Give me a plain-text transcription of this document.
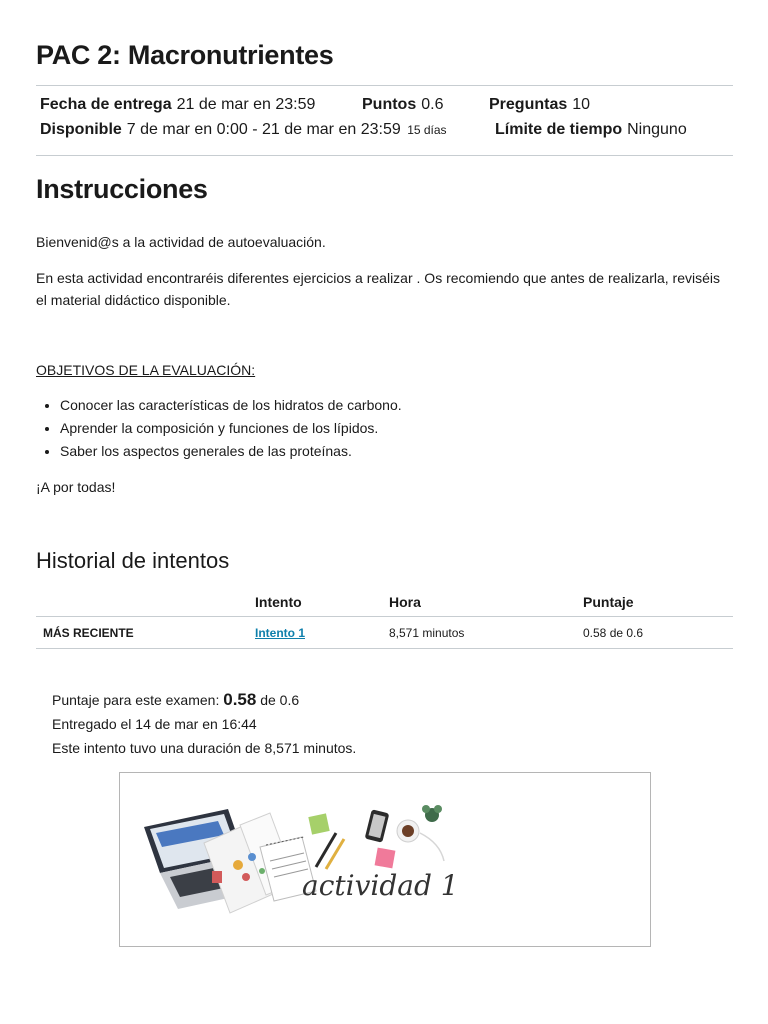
PAC 2: Macronutrientes
Fecha de entrega 21 de mar en 23:59	Puntos 0.6	Preguntas 10
Disponible 7 de mar en 0:00 - 21 de mar en 23:59 15 días	Límite de tiempo Ninguno
Instrucciones

Bienvenid@s a la actividad de autoevaluación.

En esta actividad encontraréis diferentes ejercicios a realizar . Os recomiendo que antes de realizarla, reviséis el material didáctico disponible.

OBJETIVOS DE LA EVALUACIÓN:

• Conocer las características de los hidratos de carbono.
• Aprender la composición y funciones de los lípidos.
• Saber los aspectos generales de las proteínas.

¡A por todas!

Historial de intentos
	Intento	Hora	Puntaje
MÁS RECIENTE	Intento 1	8,571 minutos	0.58 de 0.6
Puntaje para este examen: 0.58 de 0.6
Entregado el 14 de mar en 16:44
Este intento tuvo una duración de 8,571 minutos.
actividad 1
